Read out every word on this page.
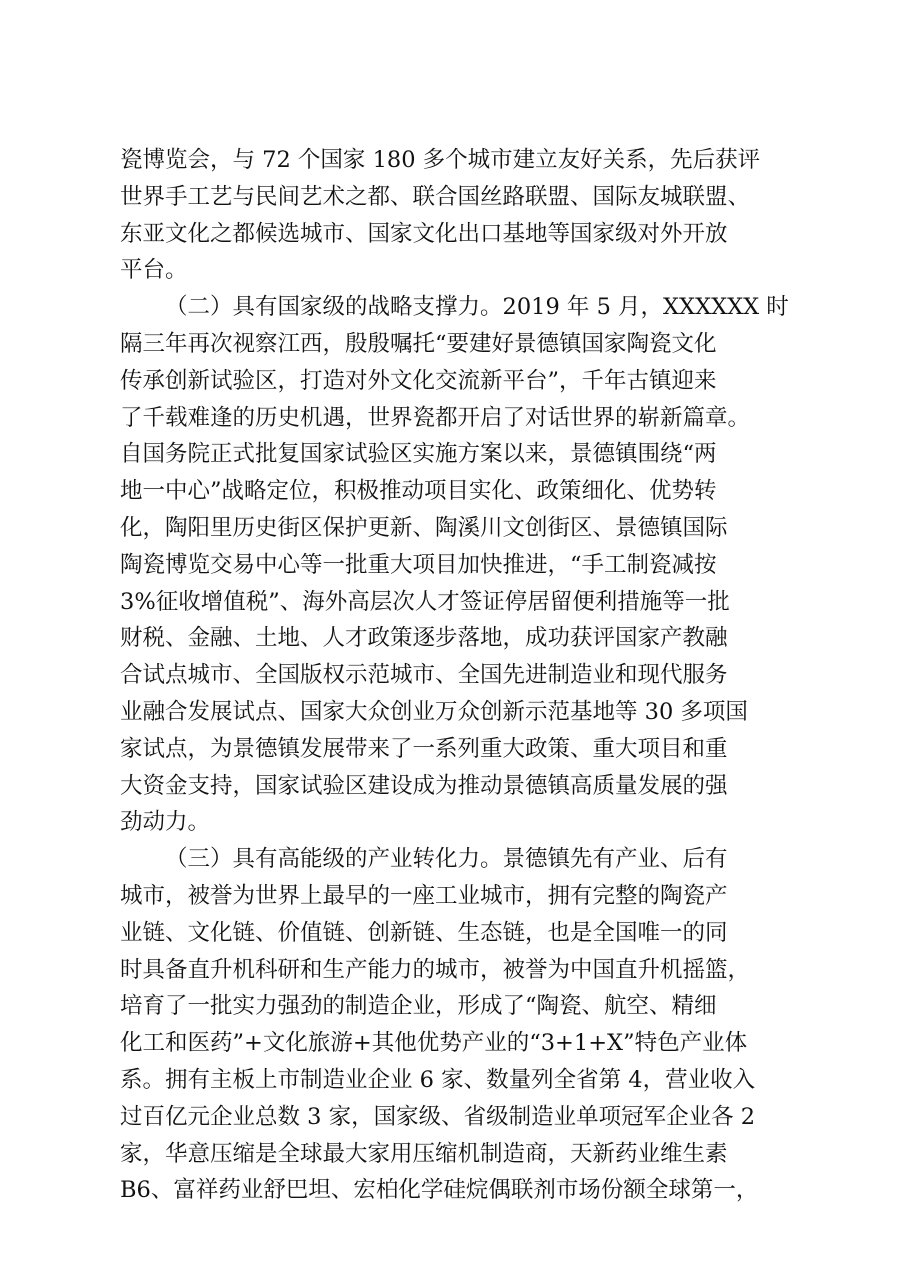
瓷博览会，与 72 个国家 180 多个城市建立友好关系，先后获评
世界手工艺与民间艺术之都、联合国丝路联盟、国际友城联盟、
东亚文化之都候选城市、国家文化出口基地等国家级对外开放
平台。

（二）具有国家级的战略支撑力。2019 年 5 月，XXXXXX 时
隔三年再次视察江西，殷殷嘱托“要建好景德镇国家陶瓷文化
传承创新试验区，打造对外文化交流新平台”，千年古镇迎来
了千载难逢的历史机遇，世界瓷都开启了对话世界的崭新篇章。
自国务院正式批复国家试验区实施方案以来，景德镇围绕“两
地一中心”战略定位，积极推动项目实化、政策细化、优势转
化，陶阳里历史街区保护更新、陶溪川文创街区、景德镇国际
陶瓷博览交易中心等一批重大项目加快推进，“手工制瓷减按
3%征收增值税”、海外高层次人才签证停居留便利措施等一批
财税、金融、土地、人才政策逐步落地，成功获评国家产教融
合试点城市、全国版权示范城市、全国先进制造业和现代服务
业融合发展试点、国家大众创业万众创新示范基地等 30 多项国
家试点，为景德镇发展带来了一系列重大政策、重大项目和重
大资金支持，国家试验区建设成为推动景德镇高质量发展的强
劲动力。

（三）具有高能级的产业转化力。景德镇先有产业、后有
城市，被誉为世界上最早的一座工业城市，拥有完整的陶瓷产
业链、文化链、价值链、创新链、生态链，也是全国唯一的同
时具备直升机科研和生产能力的城市，被誉为中国直升机摇篮，
培育了一批实力强劲的制造企业，形成了“陶瓷、航空、精细
化工和医药”+文化旅游+其他优势产业的“3+1+X”特色产业体
系。拥有主板上市制造业企业 6 家、数量列全省第 4，营业收入
过百亿元企业总数 3 家，国家级、省级制造业单项冠军企业各 2
家，华意压缩是全球最大家用压缩机制造商，天新药业维生素
B6、富祥药业舒巴坦、宏柏化学硅烷偶联剂市场份额全球第一，
